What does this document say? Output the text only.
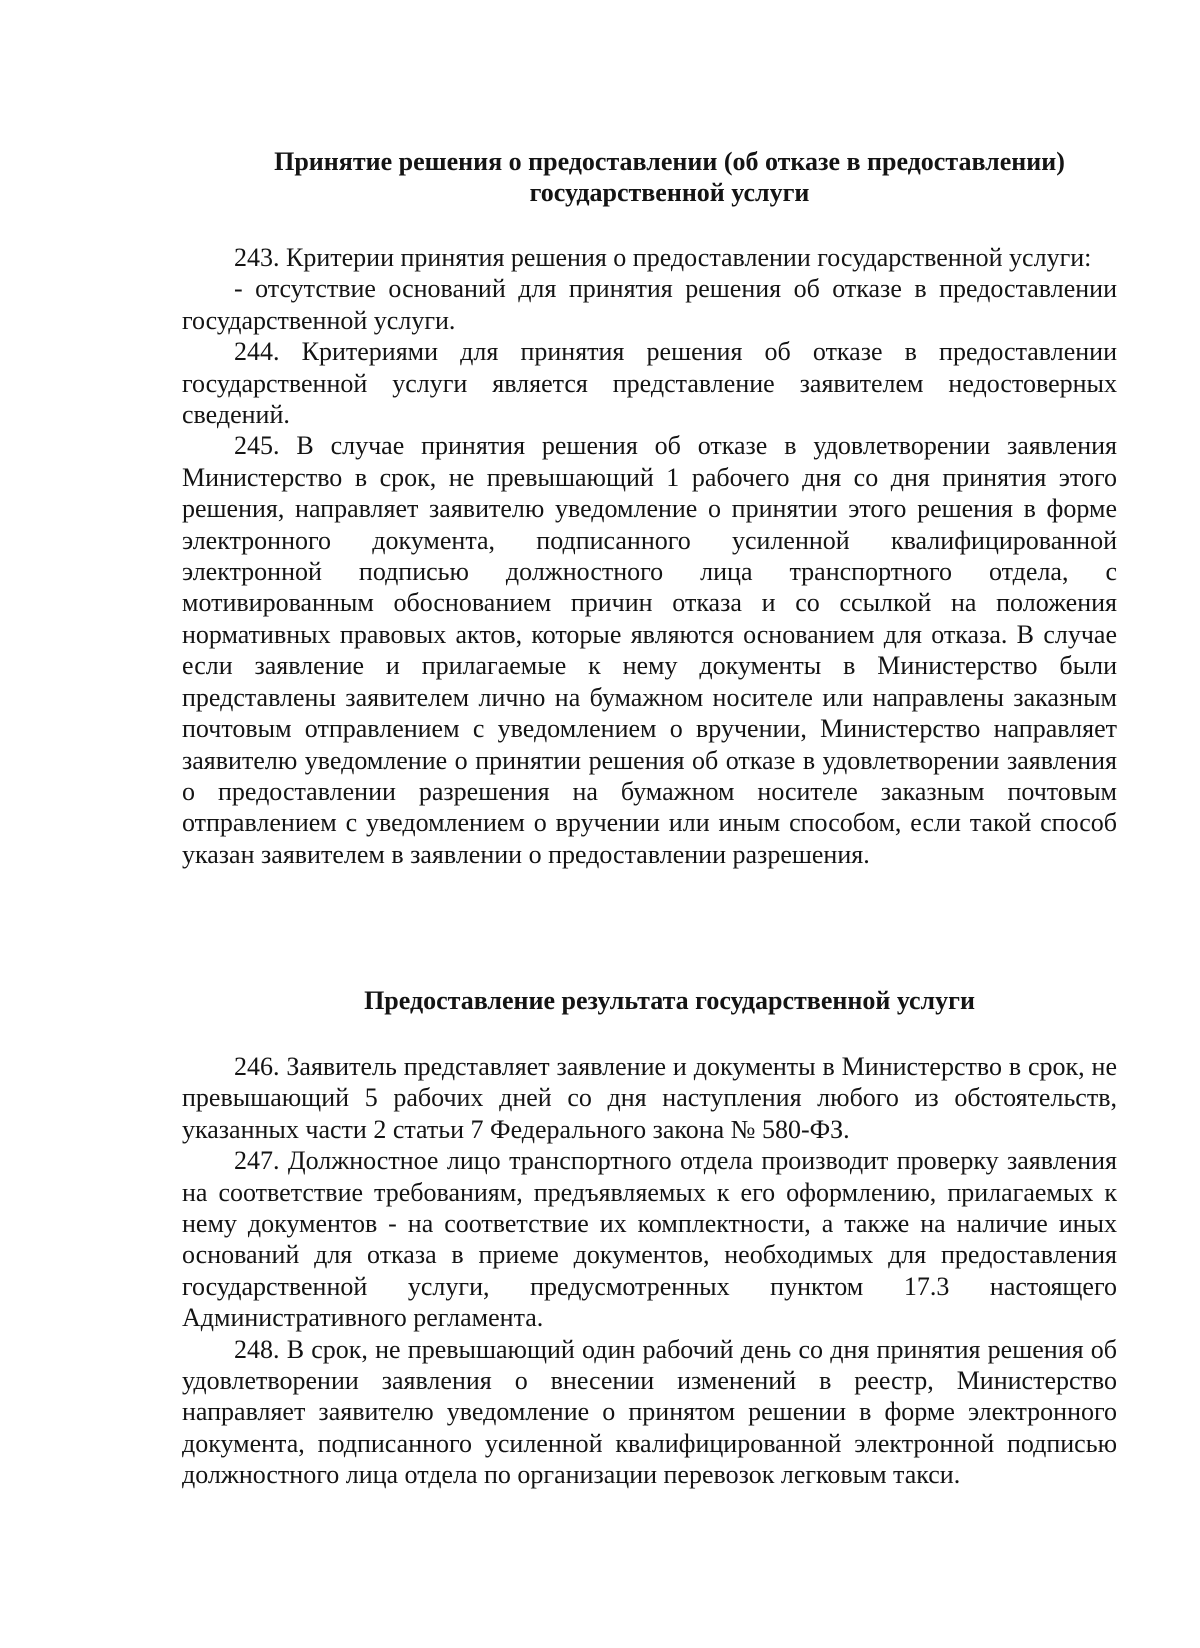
Принятие решения о предоставлении (об отказе в предоставлении) государственной услуги

243. Критерии принятия решения о предоставлении государственной услуги:

- отсутствие оснований для принятия решения об отказе в предоставлении государственной услуги.

244. Критериями для принятия решения об отказе в предоставлении государственной услуги является представление заявителем недостоверных сведений.

245. В случае принятия решения об отказе в удовлетворении заявления Министерство в срок, не превышающий 1 рабочего дня со дня принятия этого решения, направляет заявителю уведомление о принятии этого решения в форме электронного документа, подписанного усиленной квалифицированной электронной подписью должностного лица транспортного отдела, с мотивированным обоснованием причин отказа и со ссылкой на положения нормативных правовых актов, которые являются основанием для отказа. В случае если заявление и прилагаемые к нему документы в Министерство были представлены заявителем лично на бумажном носителе или направлены заказным почтовым отправлением с уведомлением о вручении, Министерство направляет заявителю уведомление о принятии решения об отказе в удовлетворении заявления о предоставлении разрешения на бумажном носителе заказным почтовым отправлением с уведомлением о вручении или иным способом, если такой способ указан заявителем в заявлении о предоставлении разрешения.

Предоставление результата государственной услуги

246. Заявитель представляет заявление и документы в Министерство в срок, не превышающий 5 рабочих дней со дня наступления любого из обстоятельств, указанных части 2 статьи 7 Федерального закона № 580-ФЗ.

247. Должностное лицо транспортного отдела производит проверку заявления на соответствие требованиям, предъявляемых к его оформлению, прилагаемых к нему документов - на соответствие их комплектности, а также на наличие иных оснований для отказа в приеме документов, необходимых для предоставления государственной услуги, предусмотренных пунктом 17.3 настоящего Административного регламента.

248. В срок, не превышающий один рабочий день со дня принятия решения об удовлетворении заявления о внесении изменений в реестр, Министерство направляет заявителю уведомление о принятом решении в форме электронного документа, подписанного усиленной квалифицированной электронной подписью должностного лица отдела по организации перевозок легковым такси.
